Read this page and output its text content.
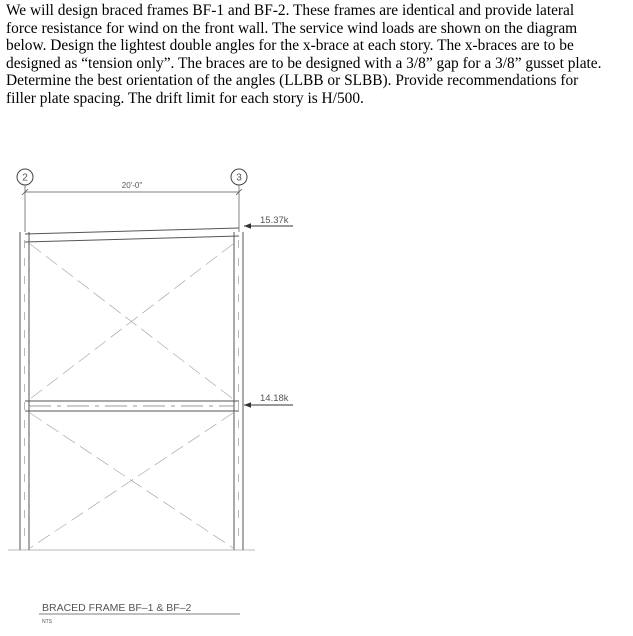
We will design braced frames BF-1 and BF-2. These frames are identical and provide lateral

force resistance for wind on the front wall. The service wind loads are shown on the diagram

below. Design the lightest double angles for the x-brace at each story. The x-braces are to be

designed as “tension only”. The braces are to be designed with a 3/8” gap for a 3/8” gusset plate.

Determine the best orientation of the angles (LLBB or SLBB). Provide recommendations for

filler plate spacing. The drift limit for each story is H/500.

2	3
20'-0"
15.37k
14.18k
BRACED FRAME BF–1 & BF–2
NTS
